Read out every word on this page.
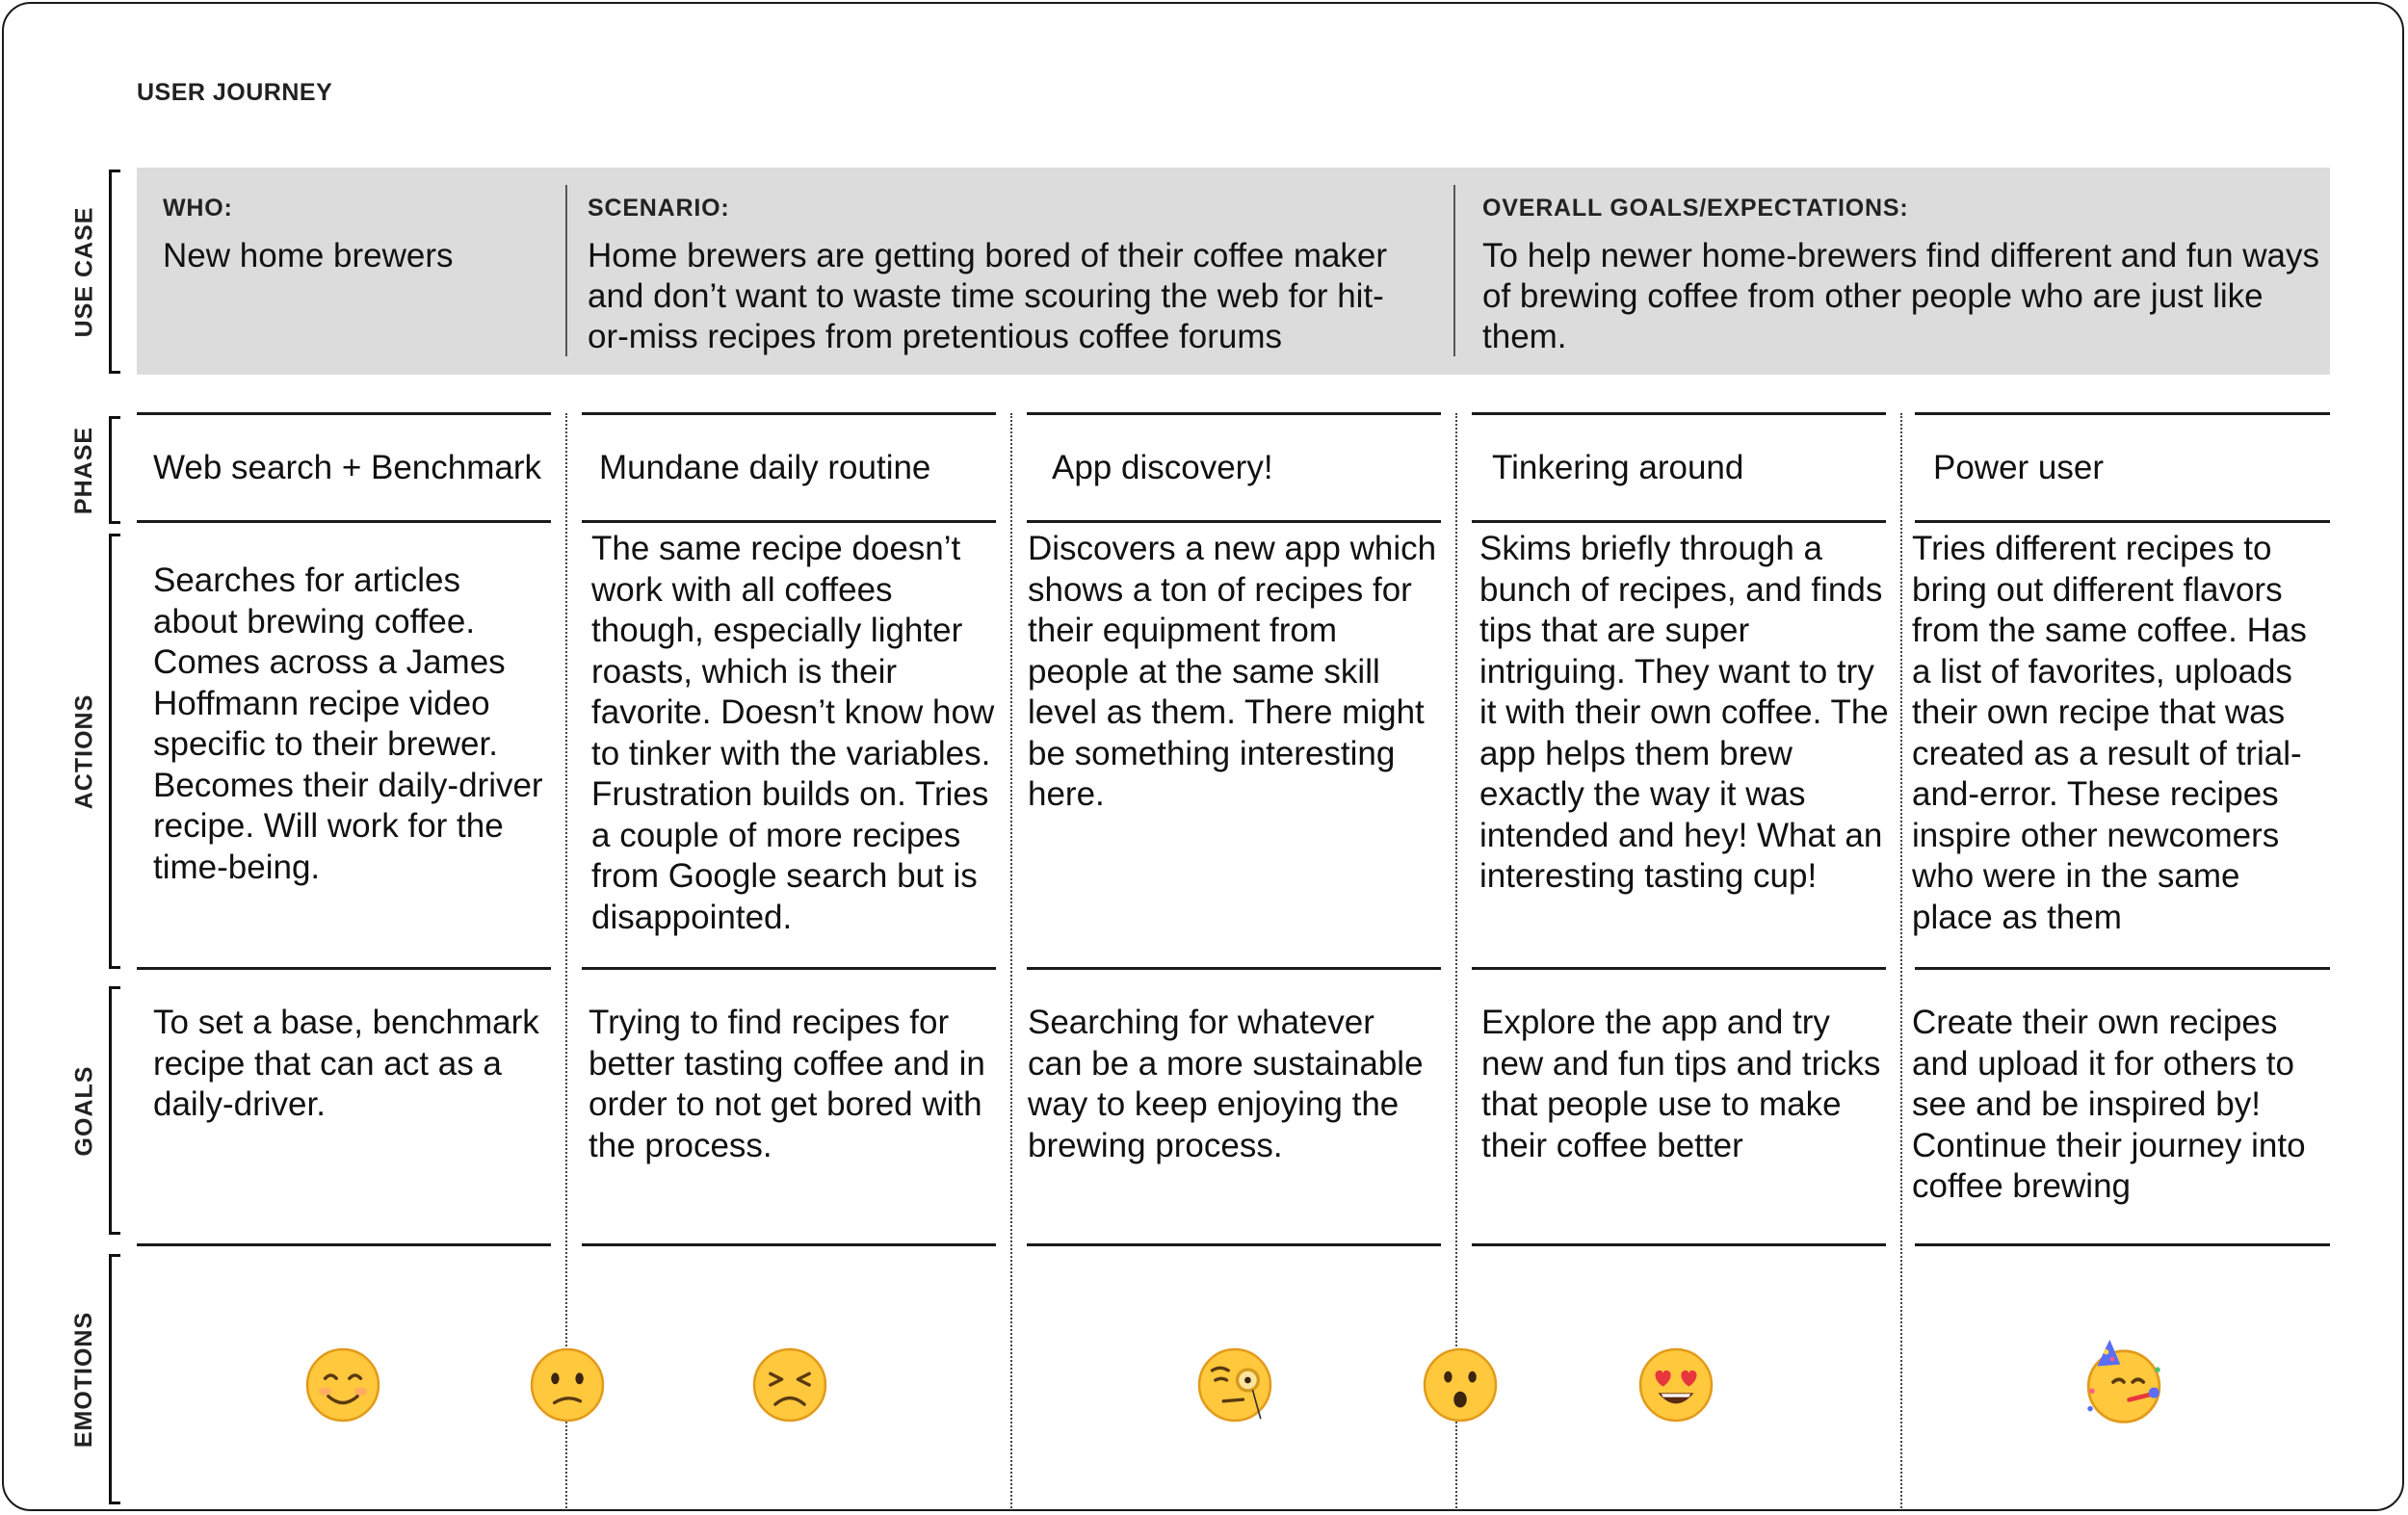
USER JOURNEY
USE CASE
PHASE
ACTIONS
GOALS
EMOTIONS
WHO:
New home brewers
SCENARIO:
Home brewers are getting bored of their coffee maker and don’t want to waste time scouring the web for hit-or-miss recipes from pretentious coffee forums
OVERALL GOALS/EXPECTATIONS:
To help newer home-brewers find different and fun ways of brewing coffee from other people who are just like them.
Web search + Benchmark
Searches for articles about brewing coffee. Comes across a James Hoffmann recipe video specific to their brewer. Becomes their daily-driver recipe. Will work for the time-being.
To set a base, benchmark recipe that can act as a daily-driver.
Mundane daily routine
The same recipe doesn’t work with all coffees though, especially lighter roasts, which is their favorite. Doesn’t know how to tinker with the variables. Frustration builds on. Tries a couple of more recipes from Google search but is disappointed.
Trying to find recipes for better tasting coffee and in order to not get bored with the process.
App discovery!
Discovers a new app which shows a ton of recipes for their equipment from people at the same skill level as them. There might be something interesting here.
Searching for whatever can be a more sustainable way to keep enjoying the brewing process.
Tinkering around
Skims briefly through a bunch of recipes, and finds tips that are super intriguing. They want to try it with their own coffee. The app helps them brew exactly the way it was intended and hey! What an interesting tasting cup!
Explore the app and try new and fun tips and tricks that people use to make their coffee better
Power user
Tries different recipes to bring out different flavors from the same coffee. Has a list of favorites, uploads their own recipe that was created as a result of trial-and-error. These recipes inspire other newcomers who were in the same place as them
Create their own recipes and upload it for others to see and be inspired by! Continue their journey into coffee brewing
